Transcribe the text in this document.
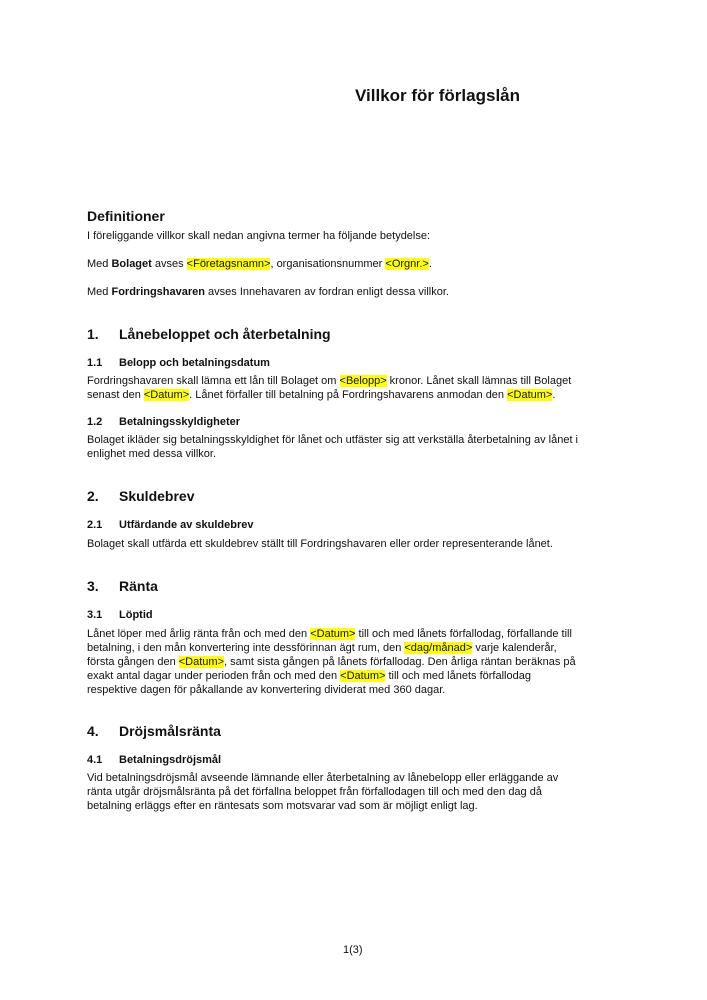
Villkor för förlagslån
Definitioner
I föreliggande villkor skall nedan angivna termer ha följande betydelse:
Med Bolaget avses <Företagsnamn>, organisationsnummer <Orgnr.>.
Med Fordringshavaren avses Innehavaren av fordran enligt dessa villkor.
1. Lånebeloppet och återbetalning
1.1 Belopp och betalningsdatum
Fordringshavaren skall lämna ett lån till Bolaget om <Belopp> kronor. Lånet skall lämnas till Bolaget
senast den <Datum>. Lånet förfaller till betalning på Fordringshavarens anmodan den <Datum>.
1.2 Betalningsskyldigheter
Bolaget ikläder sig betalningsskyldighet för lånet och utfäster sig att verkställa återbetalning av lånet i
enlighet med dessa villkor.
2. Skuldebrev
2.1 Utfärdande av skuldebrev
Bolaget skall utfärda ett skuldebrev ställt till Fordringshavaren eller order representerande lånet.
3. Ränta
3.1 Löptid
Lånet löper med årlig ränta från och med den <Datum> till och med lånets förfallodag, förfallande till
betalning, i den mån konvertering inte dessförinnan ägt rum, den <dag/månad> varje kalenderår,
första gången den <Datum>, samt sista gången på lånets förfallodag. Den årliga räntan beräknas på
exakt antal dagar under perioden från och med den <Datum> till och med lånets förfallodag
respektive dagen för påkallande av konvertering dividerat med 360 dagar.
4. Dröjsmålsränta
4.1 Betalningsdröjsmål
Vid betalningsdröjsmål avseende lämnande eller återbetalning av lånebelopp eller erläggande av
ränta utgår dröjsmålsränta på det förfallna beloppet från förfallodagen till och med den dag då
betalning erläggs efter en räntesats som motsvarar vad som är möjligt enligt lag.
1(3)
